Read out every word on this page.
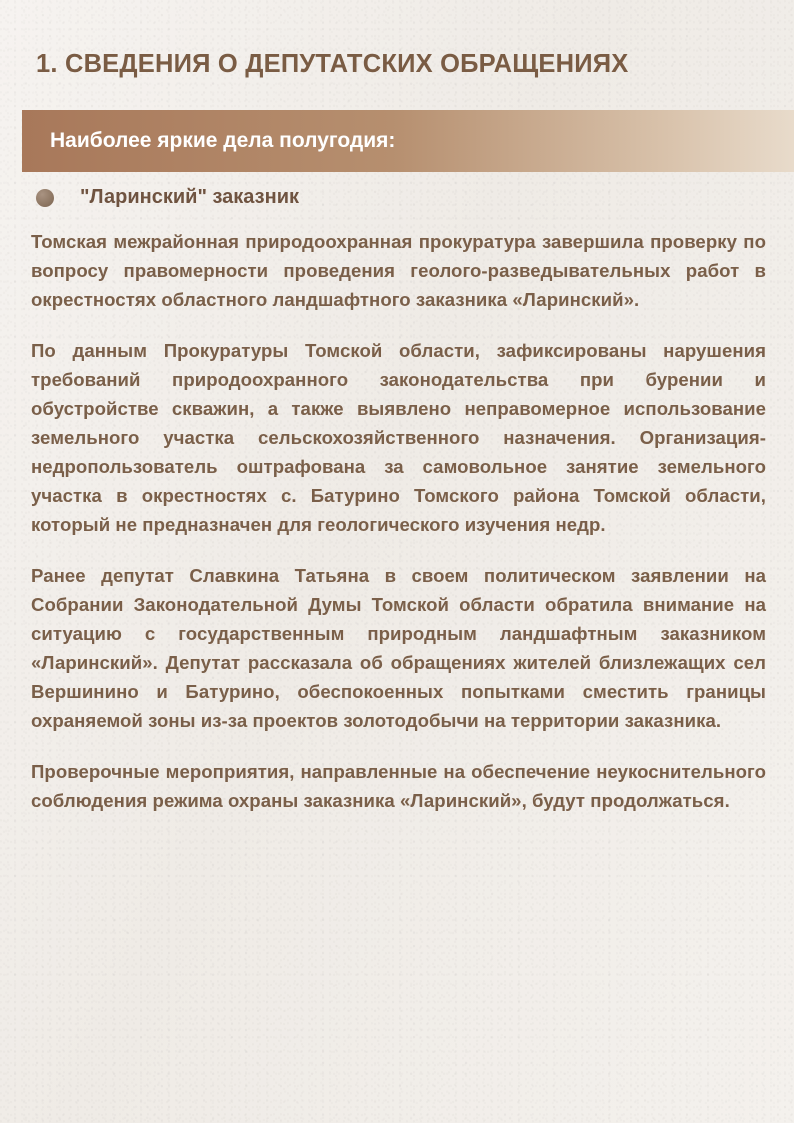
1. СВЕДЕНИЯ О ДЕПУТАТСКИХ ОБРАЩЕНИЯХ

Наиболее яркие дела полугодия:

"Ларинский" заказник

Томская межрайонная природоохранная прокуратура завершила проверку по вопросу правомерности проведения геолого-разведывательных работ в окрестностях областного ландшафтного заказника «Ларинский».

По данным Прокуратуры Томской области, зафиксированы нарушения требований природоохранного законодательства при бурении и обустройстве скважин, а также выявлено неправомерное использование земельного участка сельскохозяйственного назначения. Организация-недропользователь оштрафована за самовольное занятие земельного участка в окрестностях с. Батурино Томского района Томской области, который не предназначен для геологического изучения недр.

Ранее депутат Славкина Татьяна в своем политическом заявлении на Собрании Законодательной Думы Томской области обратила внимание на ситуацию с государственным природным ландшафтным заказником «Ларинский». Депутат рассказала об обращениях жителей близлежащих сел Вершинино и Батурино, обеспокоенных попытками сместить границы охраняемой зоны из-за проектов золотодобычи на территории заказника.

Проверочные мероприятия, направленные на обеспечение неукоснительного соблюдения режима охраны заказника «Ларинский», будут продолжаться.
